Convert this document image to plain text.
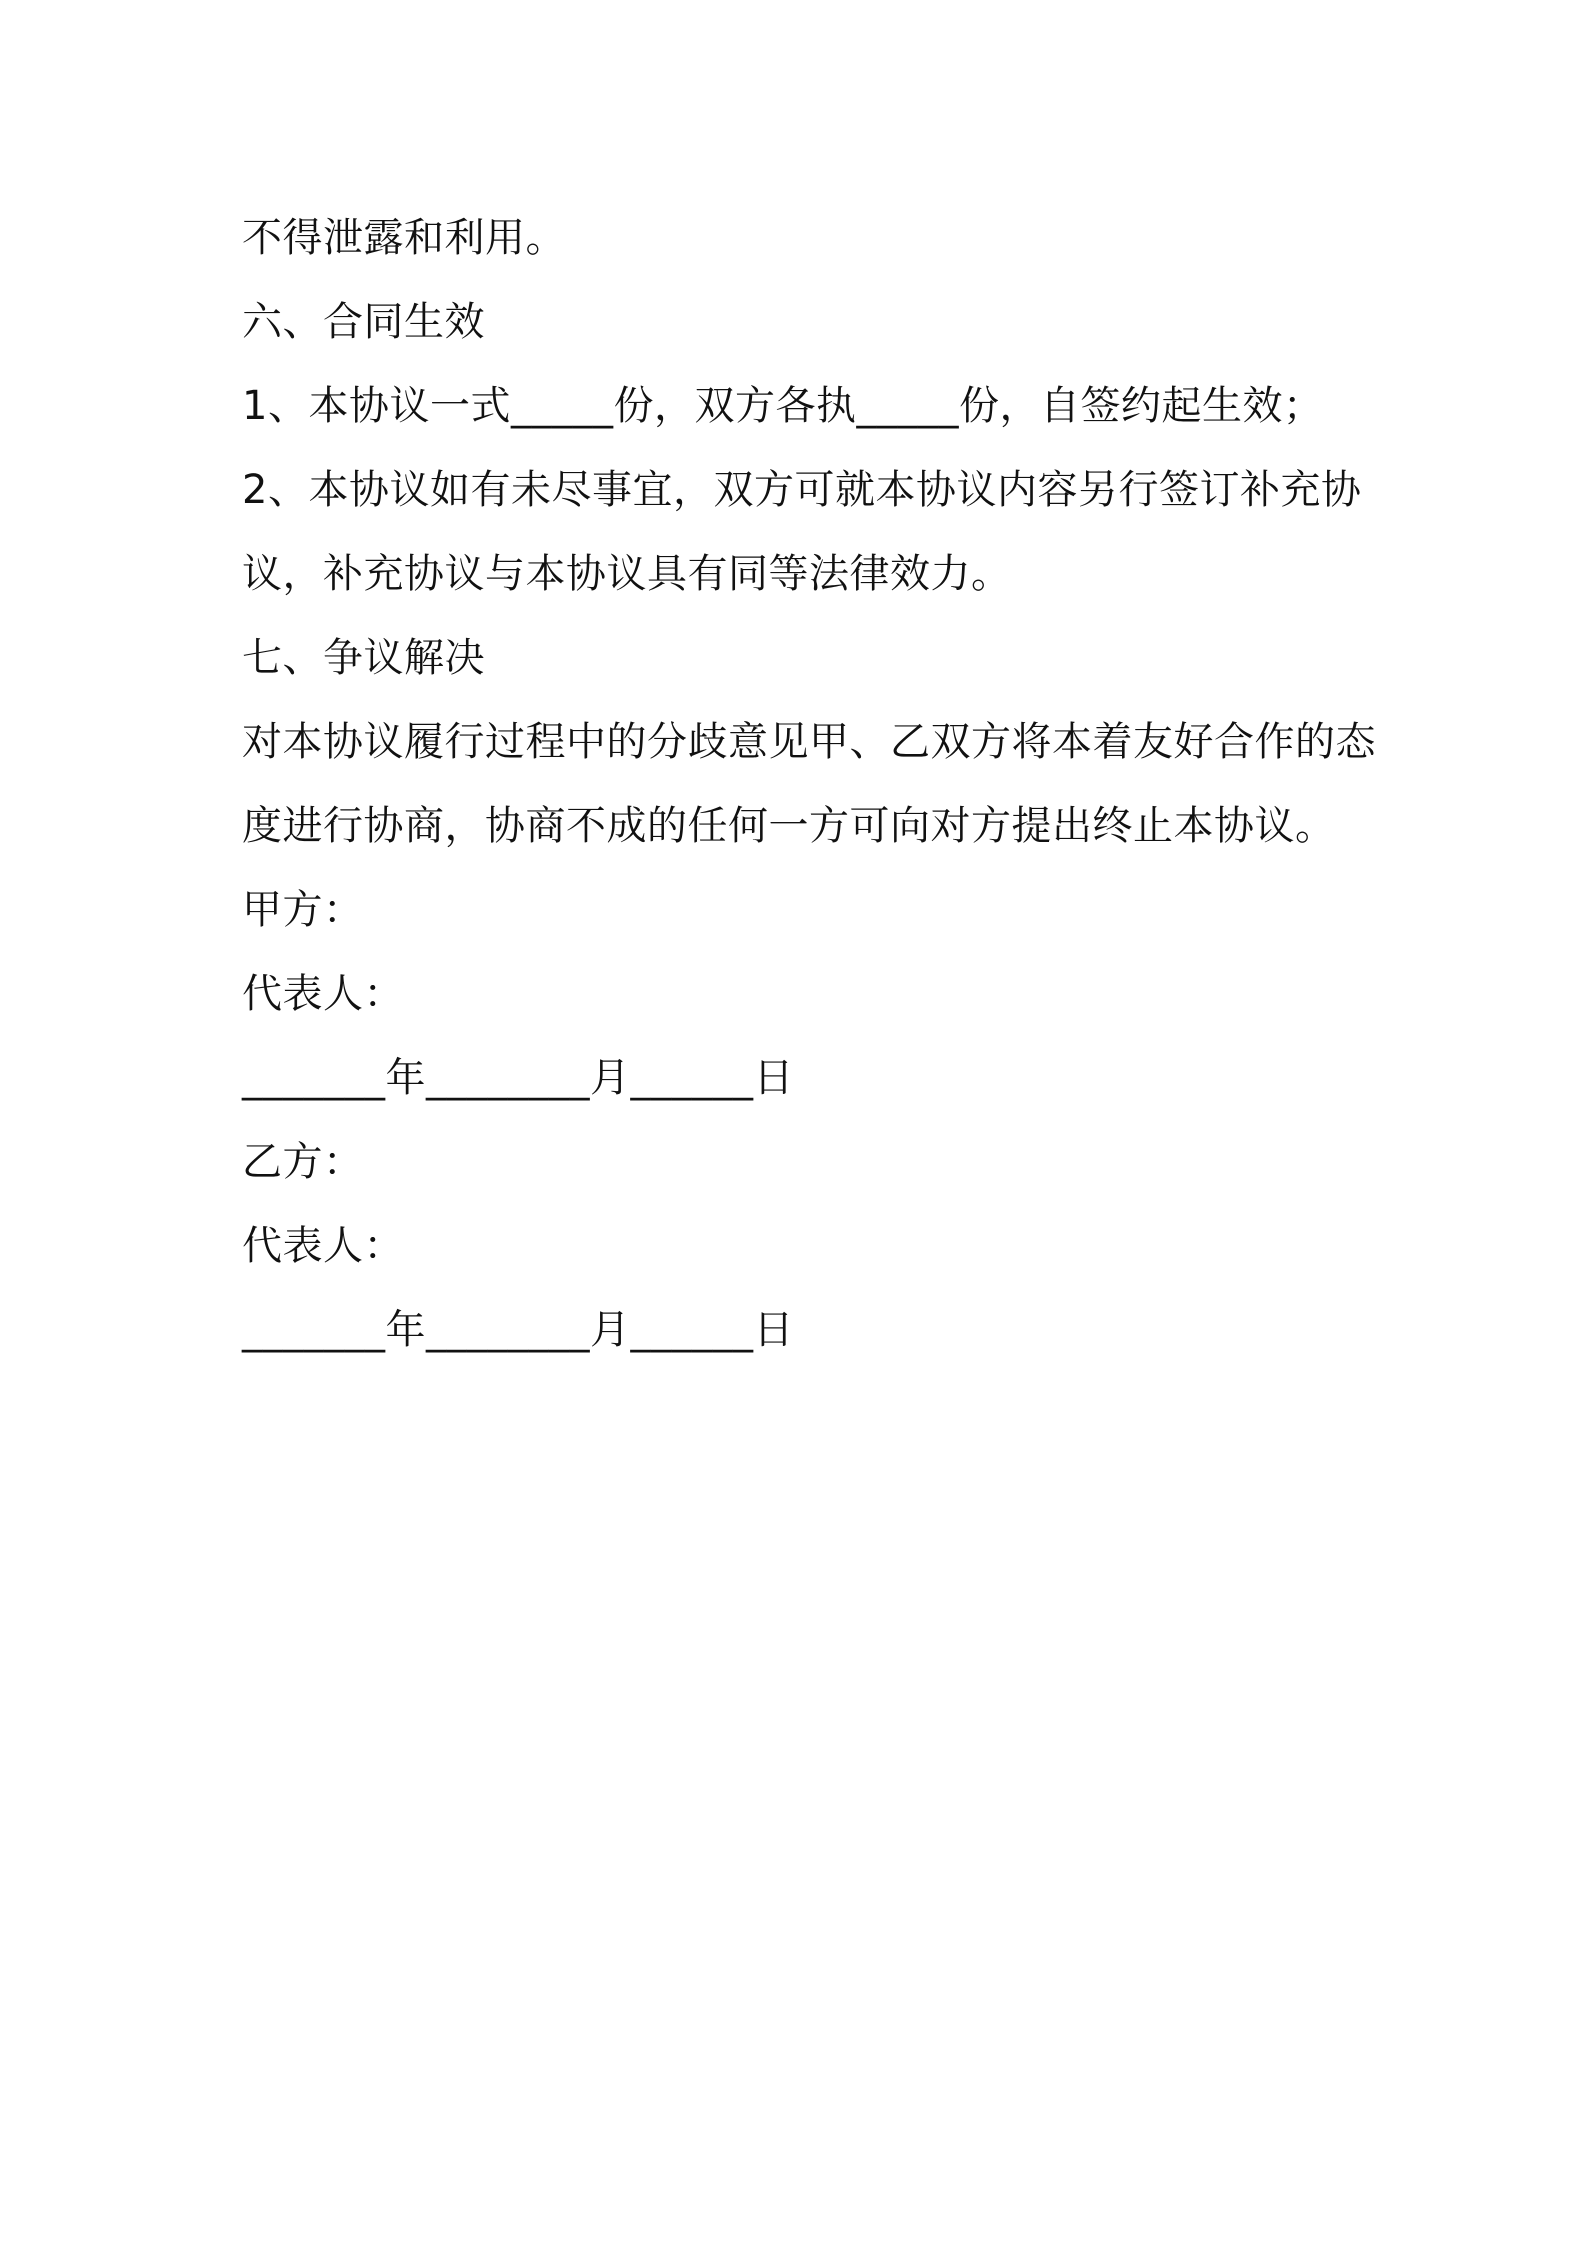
不得泄露和利用。
六、合同生效
1、本协议一式_____份，双方各执_____份，自签约起生效；
2、本协议如有未尽事宜，双方可就本协议内容另行签订补充协
议，补充协议与本协议具有同等法律效力。
七、争议解决
对本协议履行过程中的分歧意见甲、乙双方将本着友好合作的态
度进行协商，协商不成的任何一方可向对方提出终止本协议。
甲方：
代表人：
_______年________月______日
乙方：
代表人：
_______年________月______日
